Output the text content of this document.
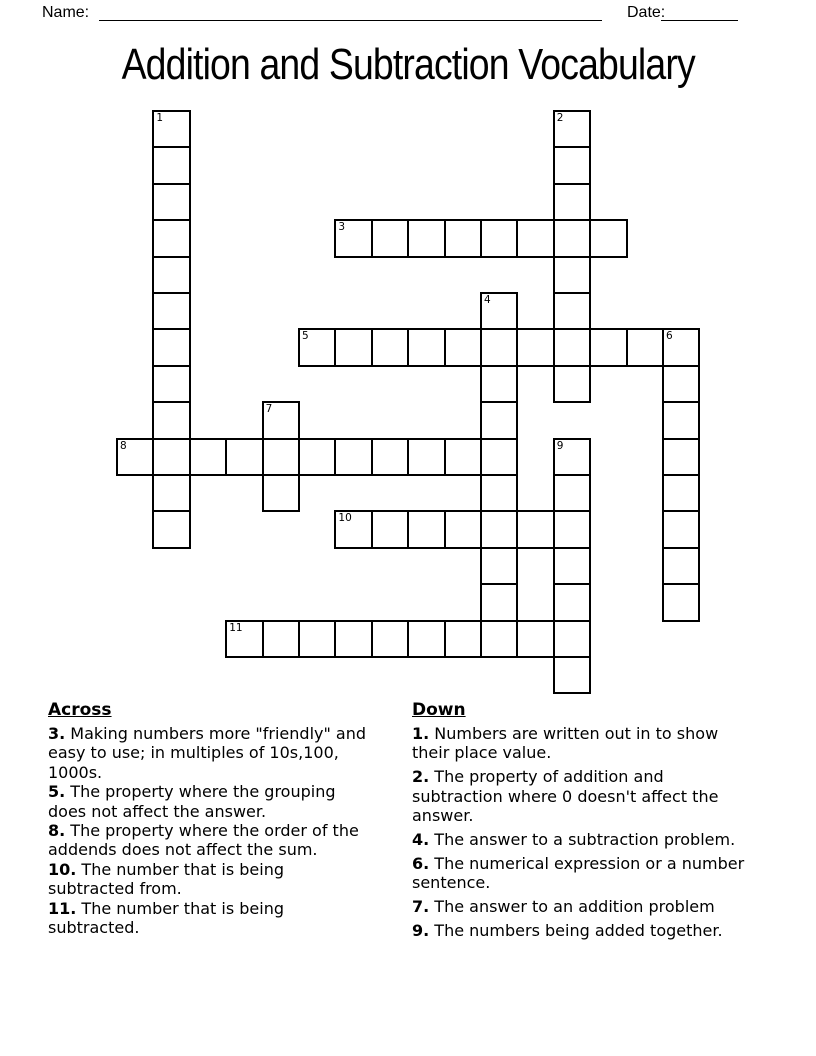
Name:	Date:
Addition and Subtraction Vocabulary
1	2
3
4
5	6
7
8	9
10
11
Across

3. Making numbers more "friendly" and easy to use; in multiples of 10s,100, 1000s.

5. The property where the grouping does not affect the answer.

8. The property where the order of the addends does not affect the sum.

10. The number that is being subtracted from.

11. The number that is being subtracted.

Down

1. Numbers are written out in to show their place value.

2. The property of addition and subtraction where 0 doesn't affect the answer.

4. The answer to a subtraction problem.

6. The numerical expression or a number sentence.

7. The answer to an addition problem

9. The numbers being added together.
